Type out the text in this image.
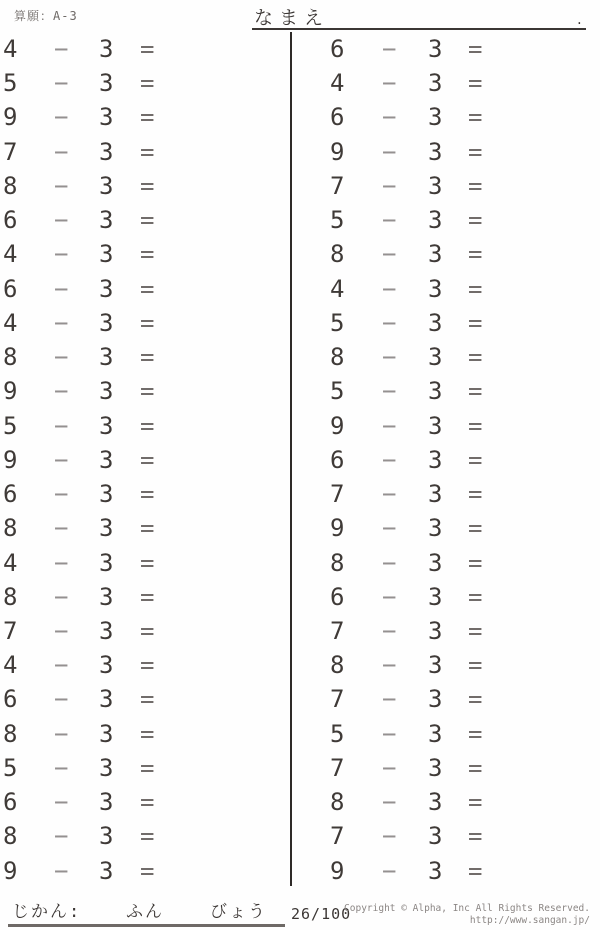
算願：A-3	なまえ	.
4 − 3 =
5 − 3 =
9 − 3 =
7 − 3 =
8 − 3 =
6 − 3 =
4 − 3 =
6 − 3 =
4 − 3 =
8 − 3 =
9 − 3 =
5 − 3 =
9 − 3 =
6 − 3 =
8 − 3 =
4 − 3 =
8 − 3 =
7 − 3 =
4 − 3 =
6 − 3 =
8 − 3 =
5 − 3 =
6 − 3 =
8 − 3 =
9 − 3 =
6 − 3 =
4 − 3 =
6 − 3 =
9 − 3 =
7 − 3 =
5 − 3 =
8 − 3 =
4 − 3 =
5 − 3 =
8 − 3 =
5 − 3 =
9 − 3 =
6 − 3 =
7 − 3 =
9 − 3 =
8 − 3 =
6 − 3 =
7 − 3 =
8 − 3 =
7 − 3 =
5 − 3 =
7 − 3 =
8 − 3 =
7 − 3 =
9 − 3 =
じかん:	ふん	びょう 26/100
Copyright © Alpha, Inc All Rights Reserved.
http://www.sangan.jp/
